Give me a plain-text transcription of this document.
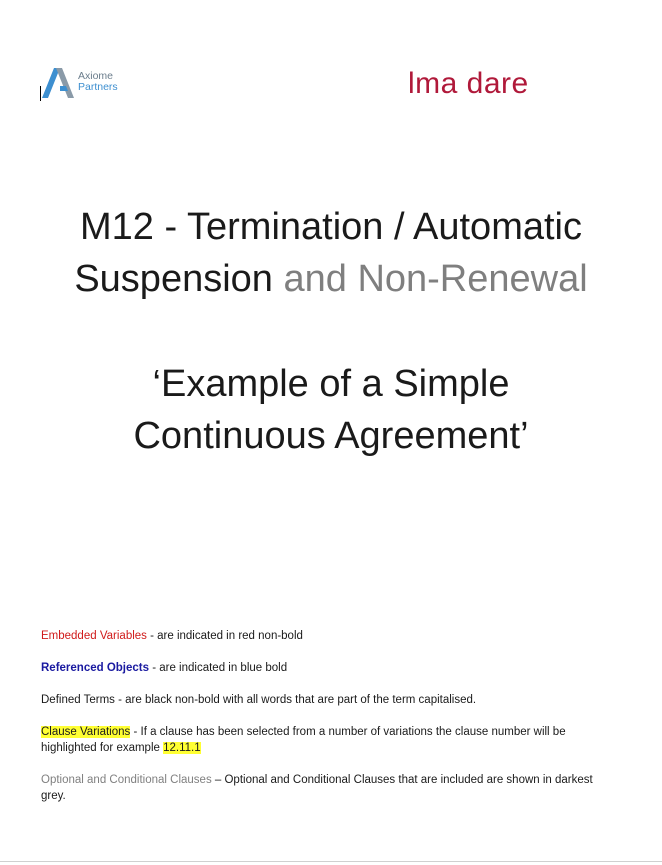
Axiome
Partners	lma dare
M12 - Termination / Automatic
Suspension and Non-Renewal
‘Example of a Simple
Continuous Agreement’
Embedded Variables - are indicated in red non-bold
Referenced Objects - are indicated in blue bold
Defined Terms - are black non-bold with all words that are part of the term capitalised.
Clause Variations - If a clause has been selected from a number of variations the clause number will be highlighted for example 12.11.1
Optional and Conditional Clauses – Optional and Conditional Clauses that are included are shown in darkest grey.
